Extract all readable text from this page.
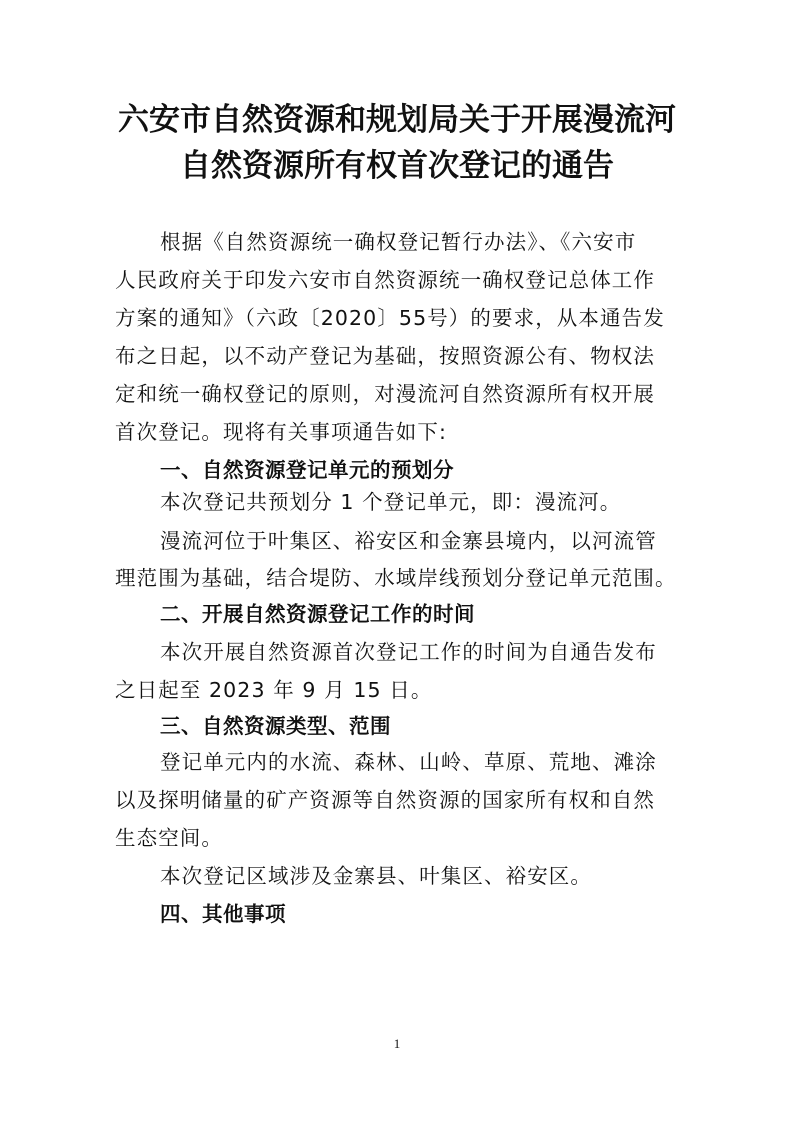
六安市自然资源和规划局关于开展漫流河
自然资源所有权首次登记的通告
根据《自然资源统一确权登记暂行办法》、《六安市
人民政府关于印发六安市自然资源统一确权登记总体工作
方案的通知》（六政〔2020〕55号）的要求，从本通告发
布之日起，以不动产登记为基础，按照资源公有、物权法
定和统一确权登记的原则，对漫流河自然资源所有权开展
首次登记。现将有关事项通告如下:
一、自然资源登记单元的预划分
本次登记共预划分 1 个登记单元，即：漫流河。
漫流河位于叶集区、裕安区和金寨县境内，以河流管
理范围为基础，结合堤防、水域岸线预划分登记单元范围。
二、开展自然资源登记工作的时间
本次开展自然资源首次登记工作的时间为自通告发布
之日起至 2023 年 9 月 15 日。
三、自然资源类型、范围
登记单元内的水流、森林、山岭、草原、荒地、滩涂
以及探明储量的矿产资源等自然资源的国家所有权和自然
生态空间。
本次登记区域涉及金寨县、叶集区、裕安区。
四、其他事项
1
